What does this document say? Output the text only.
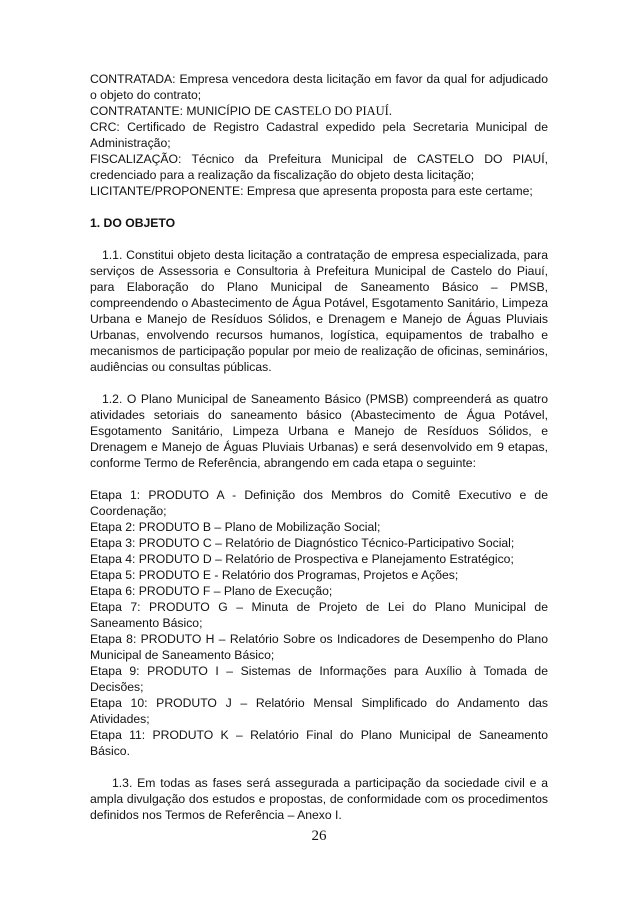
CONTRATADA: Empresa vencedora desta licitação em favor da qual for adjudicado o objeto do contrato;

CONTRATANTE: MUNICÍPIO DE CASTELO DO PIAUÍ.

CRC: Certificado de Registro Cadastral expedido pela Secretaria Municipal de Administração;

FISCALIZAÇÃO: Técnico da Prefeitura Municipal de CASTELO DO PIAUÍ, credenciado para a realização da fiscalização do objeto desta licitação;

LICITANTE/PROPONENTE: Empresa que apresenta proposta para este certame;

1. DO OBJETO

1.1. Constitui objeto desta licitação a contratação de empresa especializada, para serviços de Assessoria e Consultoria à Prefeitura Municipal de Castelo do Piauí, para Elaboração do Plano Municipal de Saneamento Básico – PMSB, compreendendo o Abastecimento de Água Potável, Esgotamento Sanitário, Limpeza Urbana e Manejo de Resíduos Sólidos, e Drenagem e Manejo de Águas Pluviais Urbanas, envolvendo recursos humanos, logística, equipamentos de trabalho e mecanismos de participação popular por meio de realização de oficinas, seminários, audiências ou consultas públicas.

1.2. O Plano Municipal de Saneamento Básico (PMSB) compreenderá as quatro atividades setoriais do saneamento básico (Abastecimento de Água Potável, Esgotamento Sanitário, Limpeza Urbana e Manejo de Resíduos Sólidos, e Drenagem e Manejo de Águas Pluviais Urbanas) e será desenvolvido em 9 etapas, conforme Termo de Referência, abrangendo em cada etapa o seguinte:

Etapa 1: PRODUTO A - Definição dos Membros do Comitê Executivo e de Coordenação;

Etapa 2: PRODUTO B – Plano de Mobilização Social;

Etapa 3: PRODUTO C – Relatório de Diagnóstico Técnico-Participativo Social;

Etapa 4: PRODUTO D – Relatório de Prospectiva e Planejamento Estratégico;

Etapa 5: PRODUTO E - Relatório dos Programas, Projetos e Ações;

Etapa 6: PRODUTO F – Plano de Execução;

Etapa 7: PRODUTO G – Minuta de Projeto de Lei do Plano Municipal de Saneamento Básico;

Etapa 8: PRODUTO H – Relatório Sobre os Indicadores de Desempenho do Plano Municipal de Saneamento Básico;

Etapa 9: PRODUTO I – Sistemas de Informações para Auxílio à Tomada de Decisões;

Etapa 10: PRODUTO J – Relatório Mensal Simplificado do Andamento das Atividades;

Etapa 11: PRODUTO K – Relatório Final do Plano Municipal de Saneamento Básico.

1.3. Em todas as fases será assegurada a participação da sociedade civil e a ampla divulgação dos estudos e propostas, de conformidade com os procedimentos definidos nos Termos de Referência – Anexo I.

26
